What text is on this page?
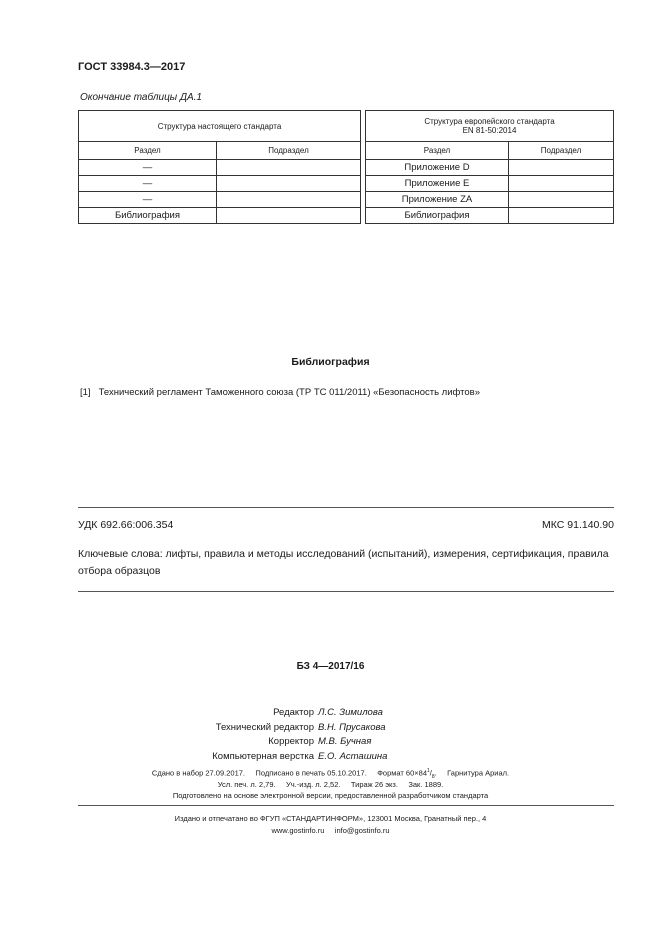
ГОСТ 33984.3—2017
Окончание таблицы ДА.1
Структура настоящего стандарта			Структура европейского стандарта
EN 81-50:2014	

Раздел	Подраздел		Раздел	Подраздел
—			Приложение D	
—			Приложение E	
—			Приложение ZA	
Библиография			Библиография	
Библиография
[1] Технический регламент Таможенного союза (ТР ТС 011/2011) «Безопасность лифтов»
УДК 692.66:006.354	МКС 91.140.90
Ключевые слова: лифты, правила и методы исследований (испытаний), измерения, сертификация, правила отбора образцов
БЗ 4—2017/16
Редактор Л.С. Зимилова
Технический редактор В.Н. Прусакова
Корректор М.В. Бучная
Компьютерная верстка Е.О. Асташина
Сдано в набор 27.09.2017.     Подписано в печать 05.10.2017.     Формат $60\times 84^1/_8$.     Гарнитура Ариал.
Усл. печ. л. 2,79.     Уч.-изд. л. 2,52.     Тираж 26 экз.     Зак. 1889.
Подготовлено на основе электронной версии, предоставленной разработчиком стандарта
Издано и отпечатано во ФГУП «СТАНДАРТИНФОРМ», 123001 Москва, Гранатный пер., 4
www.gostinfo.ru     info@gostinfo.ru
